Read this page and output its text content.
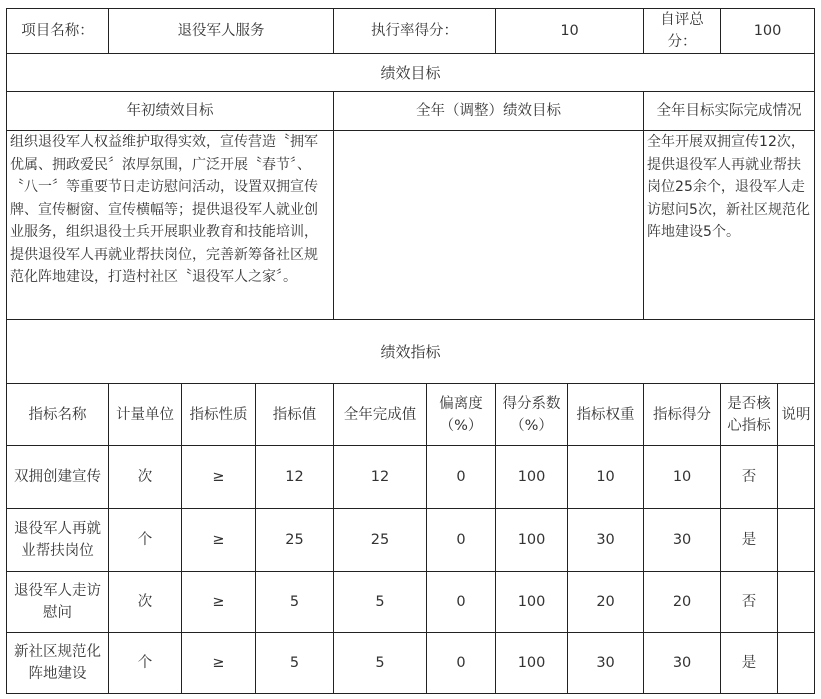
项目名称：	退役军人服务			执行率得分：		10		自评总分：	100	
绩效目标										
年初绩效目标				全年（调整）绩效目标				全年目标实际完成情况		
组织退役军人权益维护取得实效，宣传营造〝拥军优属、拥政爱民〞浓厚氛围，广泛开展〝春节〞、〝八一〞等重要节日走访慰问活动，设置双拥宣传牌、宣传橱窗、宣传横幅等；提供退役军人就业创业服务，组织退役士兵开展职业教育和技能培训，提供退役军人再就业帮扶岗位，完善新筹备社区规范化阵地建设，打造村社区〝退役军人之家〞。								全年开展双拥宣传12次，提供退役军人再就业帮扶岗位25余个，退役军人走访慰问5次，新社区规范化阵地建设5个。		
绩效指标										
指标名称	计量单位	指标性质	指标值	全年完成值	偏离度（%）	得分系数（%）	指标权重	指标得分	是否核心指标	说明
双拥创建宣传	次	≥	12	12	0	100	10	10	否	
退役军人再就业帮扶岗位	个	≥	25	25	0	100	30	30	是	
退役军人走访慰问	次	≥	5	5	0	100	20	20	否	
新社区规范化阵地建设	个	≥	5	5	0	100	30	30	是	
